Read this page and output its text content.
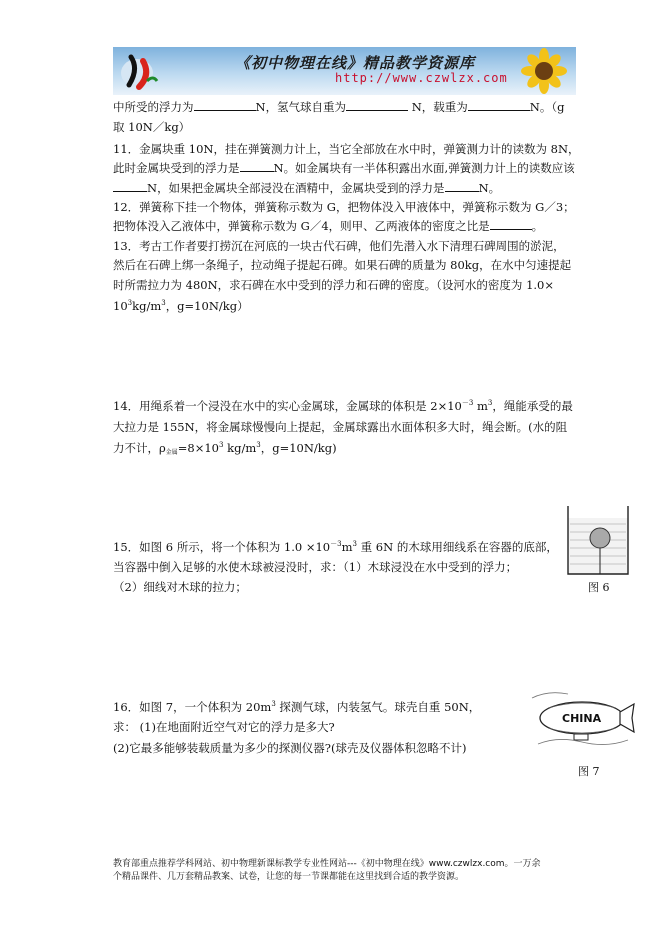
《初中物理在线》精品教学资源库
http://www.czwlzx.com
中所受的浮力为	N，氢气球自重为	N，载重为	N。（g
取 10N／kg）
11．金属块重 10N，挂在弹簧测力计上，当它全部放在水中时，弹簧测力计的读数为 8N，
此时金属块受到的浮力是	N。如金属块有一半体积露出水面,弹簧测力计上的读数应该
N，如果把金属块全部浸没在酒精中，金属块受到的浮力是	N。
12．弹簧称下挂一个物体，弹簧称示数为 G，把物体没入甲液体中，弹簧称示数为 G／3；
把物体没入乙液体中，弹簧称示数为 G／4，则甲、乙两液体的密度之比是	。
13．考古工作者要打捞沉在河底的一块古代石碑，他们先潜入水下清理石碑周围的淤泥，
然后在石碑上绑一条绳子，拉动绳子提起石碑。如果石碑的质量为 80kg，在水中匀速提起
时所需拉力为 480N，求石碑在水中受到的浮力和石碑的密度。（设河水的密度为 1.0×
$10^3kg/m^3$，g=10N/kg）
14．用绳系着一个浸没在水中的实心金属球，金属球的体积是 $2\times 10^{-3}$ $m^3$，绳能承受的最
大拉力是 155N，将金属球慢慢向上提起，金属球露出水面体积多大时，绳会断。(水的阻
力不计，$\rho_{金属}=8\times 10^3$ $kg/m^3$，g=10N/kg)
15．如图 6 所示，将一个体积为 $1.0 \times 10^{-3}m^3$ 重 6N 的木球用细线系在容器的底部，
当容器中倒入足够的水使木球被浸没时，求：（1）木球浸没在水中受到的浮力；
（2）细线对木球的拉力；	图 6
16．如图 7，一个体积为 $20m^3$ 探测气球，内装氢气。球壳自重 50N，
求： (1)在地面附近空气对它的浮力是多大?
(2)它最多能够装载质量为多少的探测仪器?(球壳及仪器体积忽略不计)
CHINA
图 7
教育部重点推荐学科网站、初中物理新课标教学专业性网站---《初中物理在线》www.czwlzx.com。一万余
个精品课件、几万套精品教案、试卷，让您的每一节课都能在这里找到合适的教学资源。
